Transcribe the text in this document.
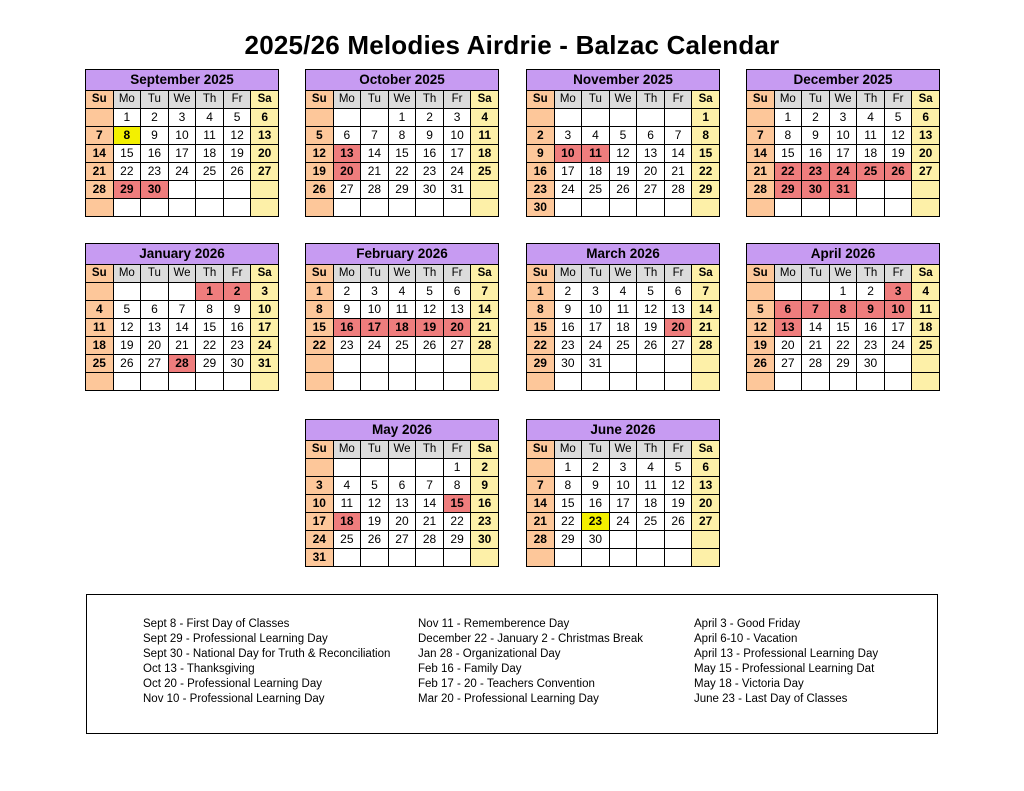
2025/26 Melodies Airdrie - Balzac Calendar
September 2025						
Su	Mo	Tu	We	Th	Fr	Sa
	1	2	3	4	5	6
7	8	9	10	11	12	13
14	15	16	17	18	19	20
21	22	23	24	25	26	27
28	29	30				

October 2025						
Su	Mo	Tu	We	Th	Fr	Sa
			1	2	3	4
5	6	7	8	9	10	11
12	13	14	15	16	17	18
19	20	21	22	23	24	25
26	27	28	29	30	31	

November 2025						
Su	Mo	Tu	We	Th	Fr	Sa
						1
2	3	4	5	6	7	8
9	10	11	12	13	14	15
16	17	18	19	20	21	22
23	24	25	26	27	28	29
30						
December 2025						
Su	Mo	Tu	We	Th	Fr	Sa
	1	2	3	4	5	6
7	8	9	10	11	12	13
14	15	16	17	18	19	20
21	22	23	24	25	26	27
28	29	30	31			

January 2026						
Su	Mo	Tu	We	Th	Fr	Sa
				1	2	3
4	5	6	7	8	9	10
11	12	13	14	15	16	17
18	19	20	21	22	23	24
25	26	27	28	29	30	31

February 2026						
Su	Mo	Tu	We	Th	Fr	Sa
1	2	3	4	5	6	7
8	9	10	11	12	13	14
15	16	17	18	19	20	21
22	23	24	25	26	27	28

March 2026						
Su	Mo	Tu	We	Th	Fr	Sa
1	2	3	4	5	6	7
8	9	10	11	12	13	14
15	16	17	18	19	20	21
22	23	24	25	26	27	28
29	30	31				

April 2026						
Su	Mo	Tu	We	Th	Fr	Sa
			1	2	3	4
5	6	7	8	9	10	11
12	13	14	15	16	17	18
19	20	21	22	23	24	25
26	27	28	29	30		

May 2026						
Su	Mo	Tu	We	Th	Fr	Sa
					1	2
3	4	5	6	7	8	9
10	11	12	13	14	15	16
17	18	19	20	21	22	23
24	25	26	27	28	29	30
31						
June 2026						
Su	Mo	Tu	We	Th	Fr	Sa
	1	2	3	4	5	6
7	8	9	10	11	12	13
14	15	16	17	18	19	20
21	22	23	24	25	26	27
28	29	30				

Sept 8 - First Day of Classes
Sept 29 - Professional Learning Day
Sept 30 - National Day for Truth & Reconciliation
Oct 13 - Thanksgiving
Oct 20 - Professional Learning Day
Nov 10 - Professional Learning Day
Nov 11 - Rememberence Day
December 22 - January 2 - Christmas Break
Jan 28 - Organizational Day
Feb 16 - Family Day
Feb 17 - 20 - Teachers Convention
Mar 20 - Professional Learning Day
April 3 - Good Friday
April 6-10 - Vacation
April 13 - Professional Learning Day
May 15 - Professional Learning Dat
May 18 - Victoria Day
June 23 - Last Day of Classes
